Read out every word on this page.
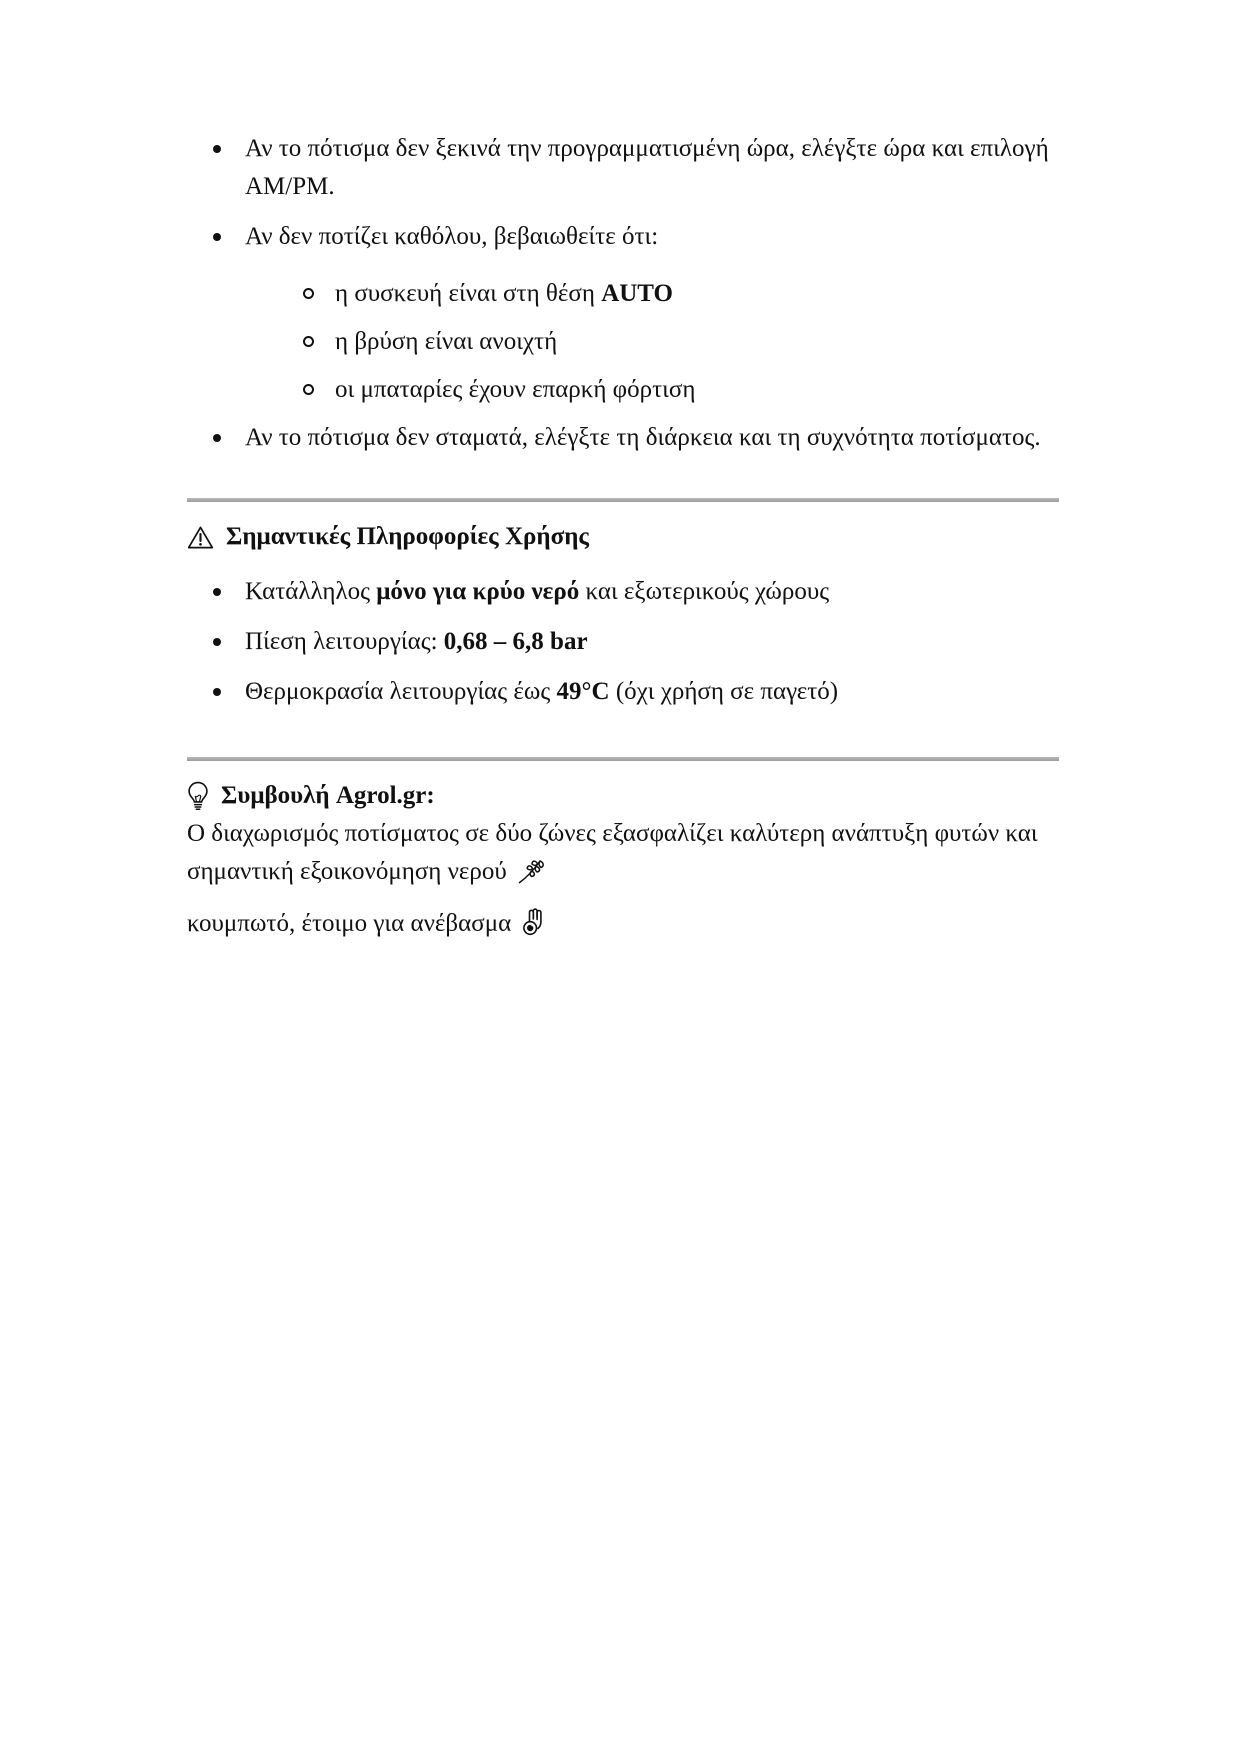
Αν το πότισμα δεν ξεκινά την προγραμματισμένη ώρα, ελέγξτε ώρα και επιλογή AM/PM.
Αν δεν ποτίζει καθόλου, βεβαιωθείτε ότι:
η συσκευή είναι στη θέση AUTO
η βρύση είναι ανοιχτή
οι μπαταρίες έχουν επαρκή φόρτιση
Αν το πότισμα δεν σταματά, ελέγξτε τη διάρκεια και τη συχνότητα ποτίσματος.
Σημαντικές Πληροφορίες Χρήσης
Κατάλληλος μόνο για κρύο νερό και εξωτερικούς χώρους
Πίεση λειτουργίας: 0,68 – 6,8 bar
Θερμοκρασία λειτουργίας έως 49°C (όχι χρήση σε παγετό)
Συμβουλή Agrol.gr:

Ο διαχωρισμός ποτίσματος σε δύο ζώνες εξασφαλίζει καλύτερη ανάπτυξη φυτών και σημαντική εξοικονόμηση νερού

κουμπωτό, έτοιμο για ανέβασμα
